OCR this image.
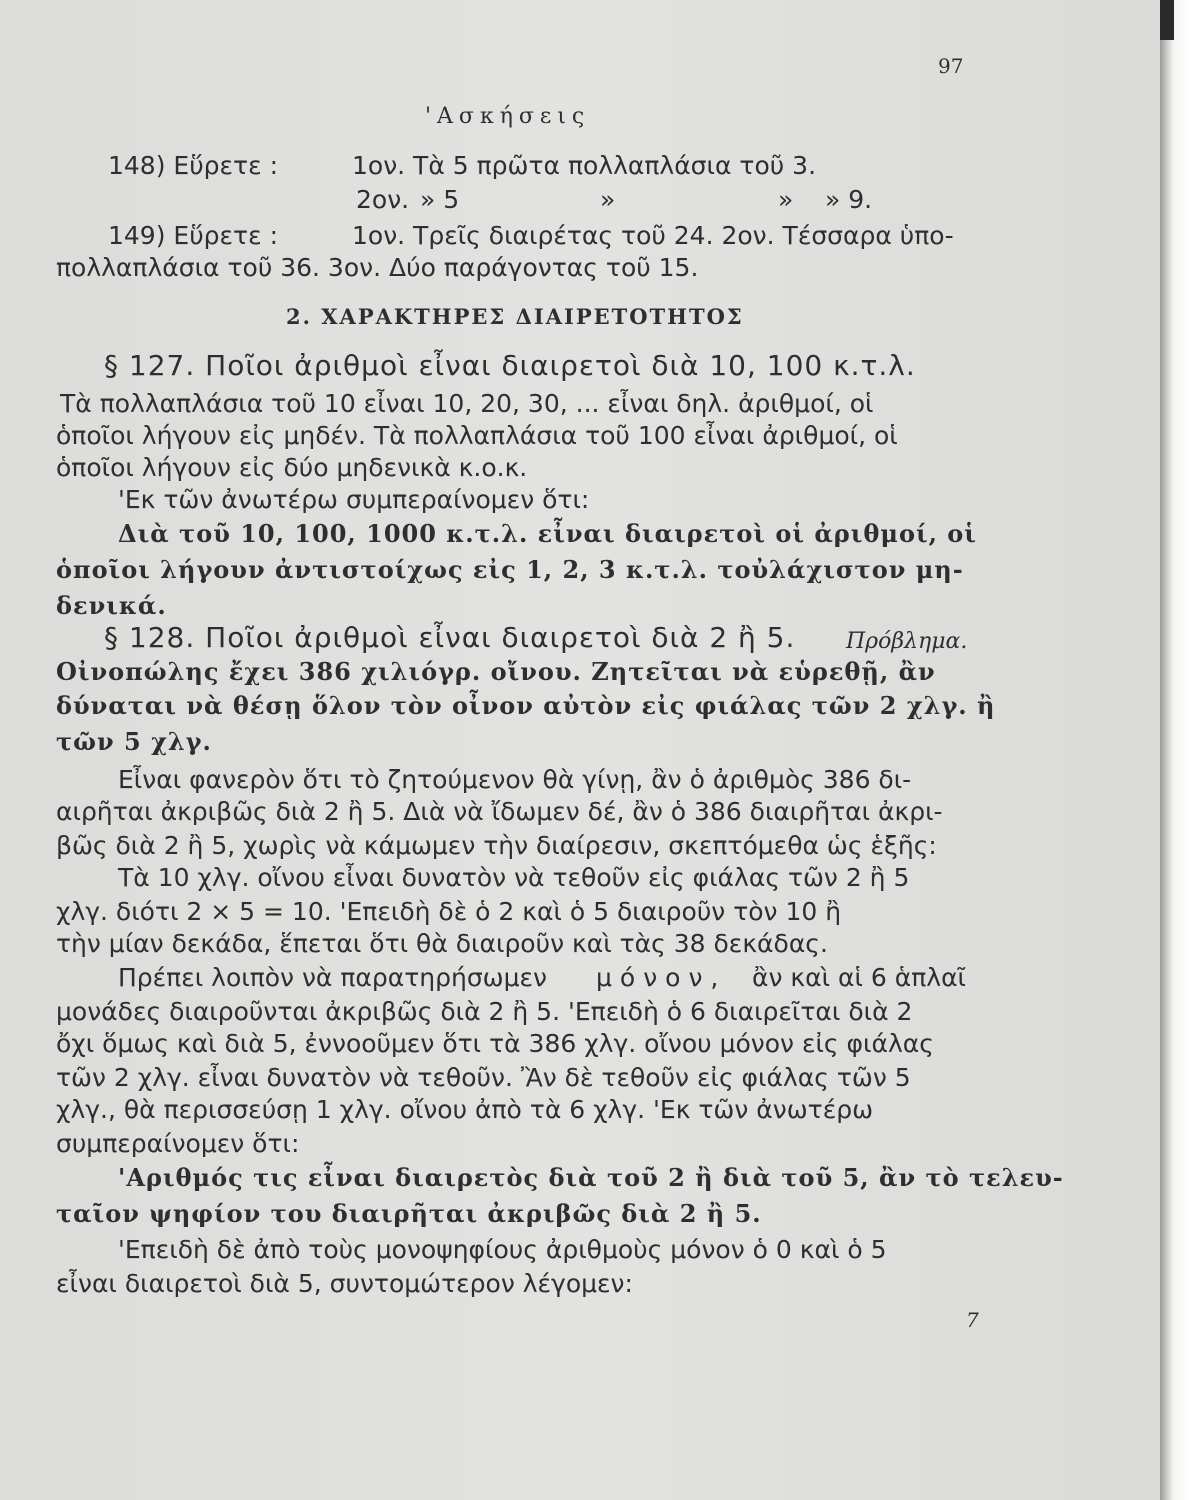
97
'Ασκήσεις
148) Εὕρετε :	1ον. Τὰ 5 πρῶτα πολλαπλάσια τοῦ 3.
2ον. » 5	»	» » 9.
149) Εὕρετε :	1ον. Τρεῖς διαιρέτας τοῦ 24. 2ον. Τέσσαρα ὑπο-
πολλαπλάσια τοῦ 36. 3ον. Δύο παράγοντας τοῦ 15.
2. ΧΑΡΑΚΤΗΡΕΣ ΔΙΑΙΡΕΤΟΤΗΤΟΣ
§ 127. Ποῖοι ἀριθμοὶ εἶναι διαιρετοὶ διὰ 10, 100 κ.τ.λ.
Τὰ πολλαπλάσια τοῦ 10 εἶναι 10, 20, 30, ... εἶναι δηλ. ἀριθμοί, οἱ
ὁποῖοι λήγουν εἰς μηδέν. Τὰ πολλαπλάσια τοῦ 100 εἶναι ἀριθμοί, οἱ
ὁποῖοι λήγουν εἰς δύο μηδενικὰ κ.ο.κ.
'Εκ τῶν ἀνωτέρω συμπεραίνομεν ὅτι:
Διὰ τοῦ 10, 100, 1000 κ.τ.λ. εἶναι διαιρετοὶ οἱ ἀριθμοί, οἱ
ὁποῖοι λήγουν ἀντιστοίχως εἰς 1, 2, 3 κ.τ.λ. τοὐλάχιστον μη-
δενικά.
§ 128. Ποῖοι ἀριθμοὶ εἶναι διαιρετοὶ διὰ 2 ἢ 5. Πρόβλημα.
Οἰνοπώλης ἔχει 386 χιλιόγρ. οἴνου. Ζητεῖται νὰ εὑρεθῇ, ἂν
δύναται νὰ θέσῃ ὅλον τὸν οἶνον αὐτὸν εἰς φιάλας τῶν 2 χλγ. ἢ
τῶν 5 χλγ.
Εἶναι φανερὸν ὅτι τὸ ζητούμενον θὰ γίνῃ, ἂν ὁ ἀριθμὸς 386 δι-
αιρῆται ἀκριβῶς διὰ 2 ἢ 5. Διὰ νὰ ἴδωμεν δέ, ἂν ὁ 386 διαιρῆται ἀκρι-
βῶς διὰ 2 ἢ 5, χωρὶς νὰ κάμωμεν τὴν διαίρεσιν, σκεπτόμεθα ὡς ἑξῆς:
Τὰ 10 χλγ. οἴνου εἶναι δυνατὸν νὰ τεθοῦν εἰς φιάλας τῶν 2 ἢ 5
χλγ. διότι 2 × 5 = 10. 'Επειδὴ δὲ ὁ 2 καὶ ὁ 5 διαιροῦν τὸν 10 ἢ
τὴν μίαν δεκάδα, ἕπεται ὅτι θὰ διαιροῦν καὶ τὰς 38 δεκάδας.
Πρέπει λοιπὸν νὰ παρατηρήσωμεν μόνον, ἂν καὶ αἱ 6 ἁπλαῖ
μονάδες διαιροῦνται ἀκριβῶς διὰ 2 ἢ 5. 'Επειδὴ ὁ 6 διαιρεῖται διὰ 2
ὄχι ὅμως καὶ διὰ 5, ἐννοοῦμεν ὅτι τὰ 386 χλγ. οἴνου μόνον εἰς φιάλας
τῶν 2 χλγ. εἶναι δυνατὸν νὰ τεθοῦν. Ἂν δὲ τεθοῦν εἰς φιάλας τῶν 5
χλγ., θὰ περισσεύσῃ 1 χλγ. οἴνου ἀπὸ τὰ 6 χλγ. 'Εκ τῶν ἀνωτέρω
συμπεραίνομεν ὅτι:
'Αριθμός τις εἶναι διαιρετὸς διὰ τοῦ 2 ἢ διὰ τοῦ 5, ἂν τὸ τελευ-
ταῖον ψηφίον του διαιρῆται ἀκριβῶς διὰ 2 ἢ 5.
'Επειδὴ δὲ ἀπὸ τοὺς μονοψηφίους ἀριθμοὺς μόνον ὁ 0 καὶ ὁ 5
εἶναι διαιρετοὶ διὰ 5, συντομώτερον λέγομεν:
7
